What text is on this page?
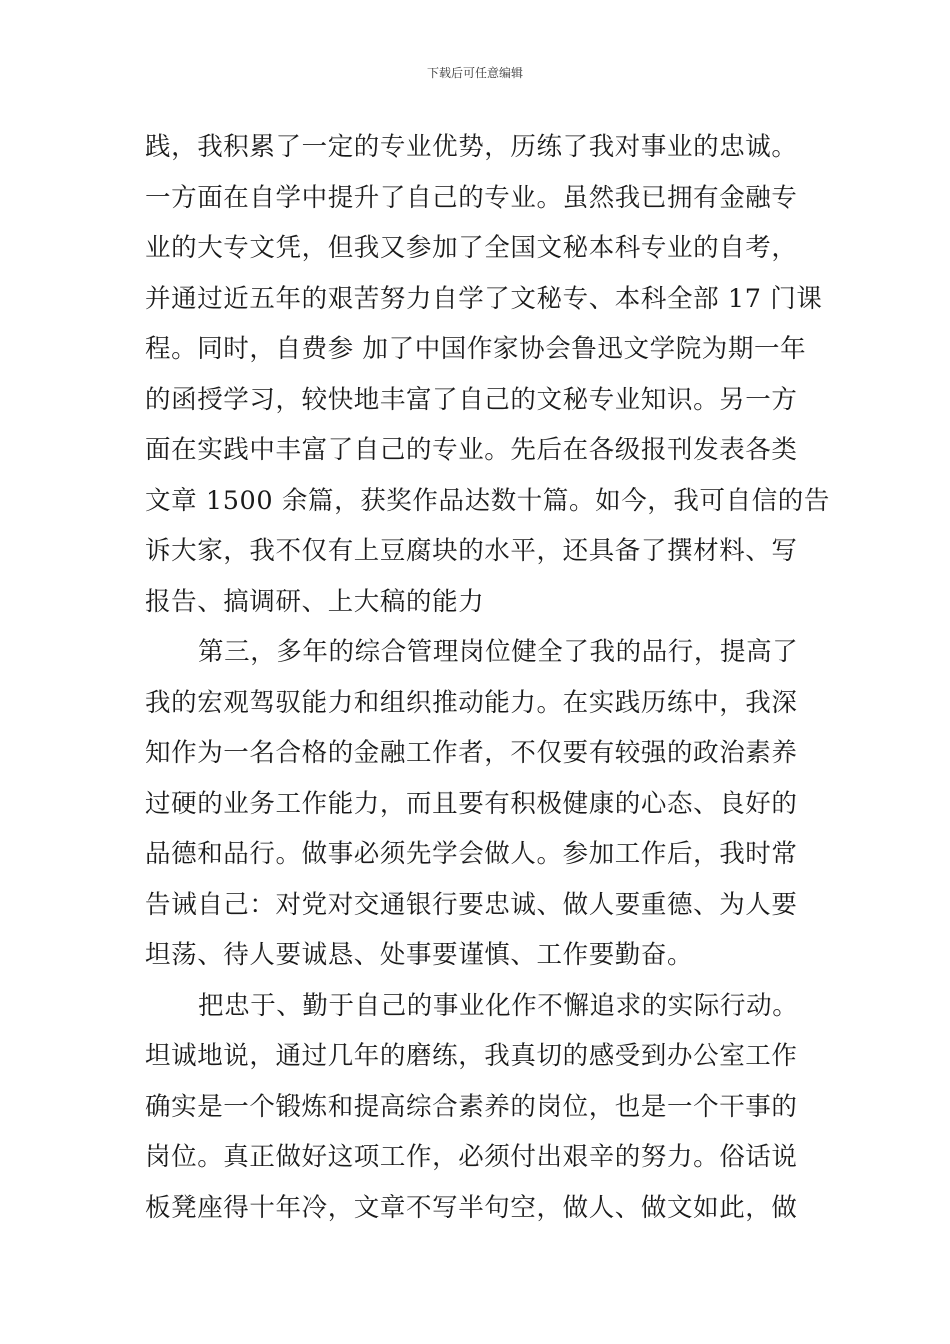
下载后可任意编辑
践，我积累了一定的专业优势，历练了我对事业的忠诚。
一方面在自学中提升了自己的专业。虽然我已拥有金融专
业的大专文凭，但我又参加了全国文秘本科专业的自考，
并通过近五年的艰苦努力自学了文秘专、本科全部 17 门课
程。同时，自费参 加了中国作家协会鲁迅文学院为期一年
的函授学习，较快地丰富了自己的文秘专业知识。另一方
面在实践中丰富了自己的专业。先后在各级报刊发表各类
文章 1500 余篇，获奖作品达数十篇。如今，我可自信的告
诉大家，我不仅有上豆腐块的水平，还具备了撰材料、写
报告、搞调研、上大稿的能力
第三，多年的综合管理岗位健全了我的品行，提高了
我的宏观驾驭能力和组织推动能力。在实践历练中，我深
知作为一名合格的金融工作者，不仅要有较强的政治素养
过硬的业务工作能力，而且要有积极健康的心态、良好的
品德和品行。做事必须先学会做人。参加工作后，我时常
告诫自己：对党对交通银行要忠诚、做人要重德、为人要
坦荡、待人要诚恳、处事要谨慎、工作要勤奋。
把忠于、勤于自己的事业化作不懈追求的实际行动。
坦诚地说，通过几年的磨练，我真切的感受到办公室工作
确实是一个锻炼和提高综合素养的岗位，也是一个干事的
岗位。真正做好这项工作，必须付出艰辛的努力。俗话说
板凳座得十年冷，文章不写半句空，做人、做文如此，做
